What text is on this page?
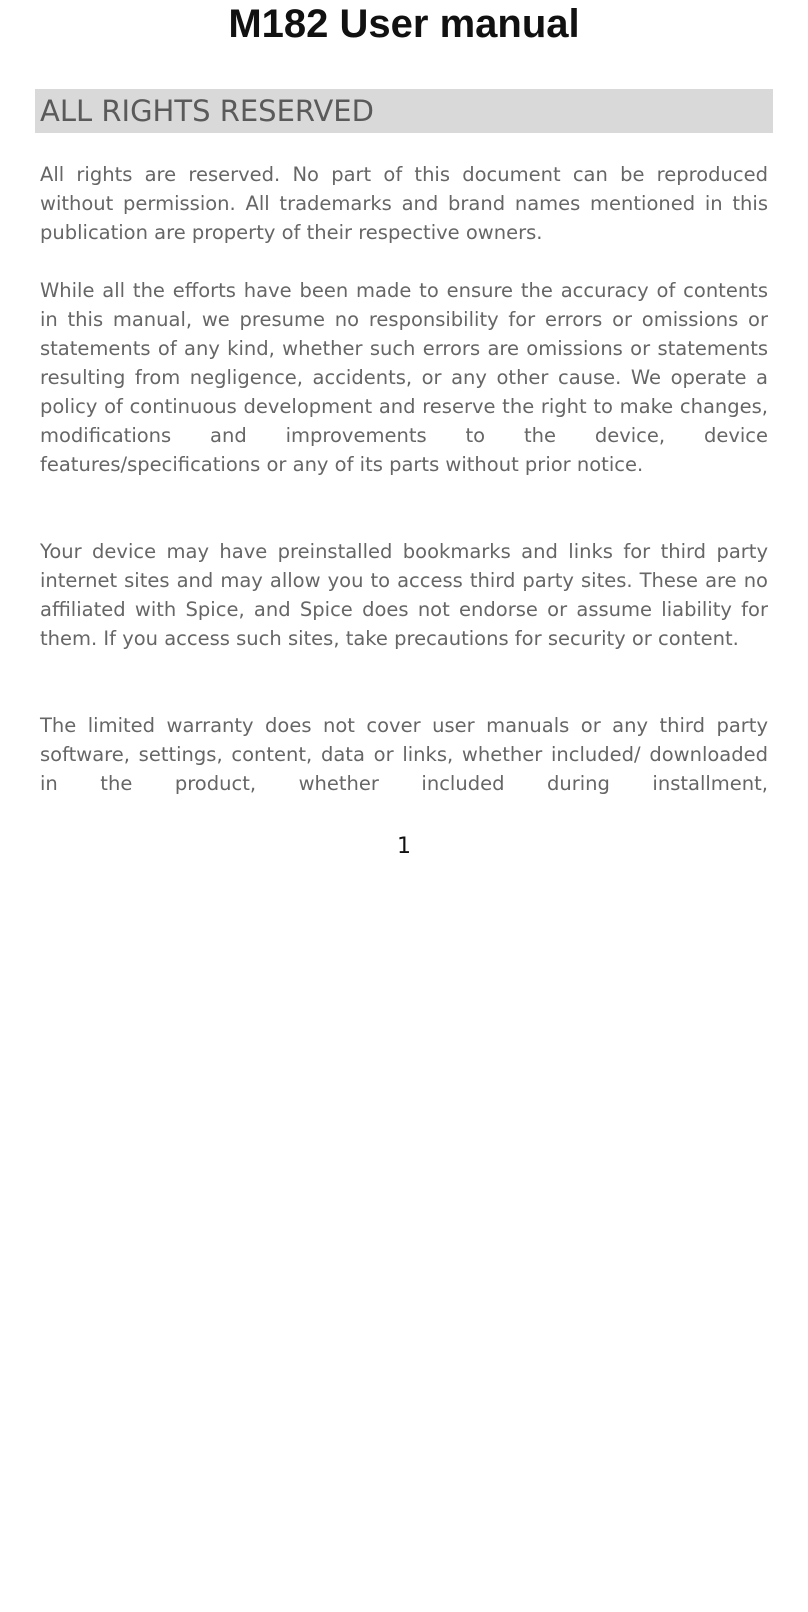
M182 User manual
ALL RIGHTS RESERVED

All rights are reserved. No part of this document can be reproduced without permission. All trademarks and brand names mentioned in this publication are property of their respective owners.

While all the efforts have been made to ensure the accuracy of contents in this manual, we presume no responsibility for errors or omissions or statements of any kind, whether such errors are omissions or statements resulting from negligence, accidents, or any other cause. We operate a policy of continuous development and reserve the right to make changes, modifications and improvements to the device, device features/specifications or any of its parts without prior notice.

Your device may have preinstalled bookmarks and links for third party internet sites and may allow you to access third party sites. These are no affiliated with Spice, and Spice does not endorse or assume liability for them. If you access such sites, take precautions for security or content.

The limited warranty does not cover user manuals or any third party software, settings, content, data or links, whether included/ downloaded in the product, whether included during installment,

1
